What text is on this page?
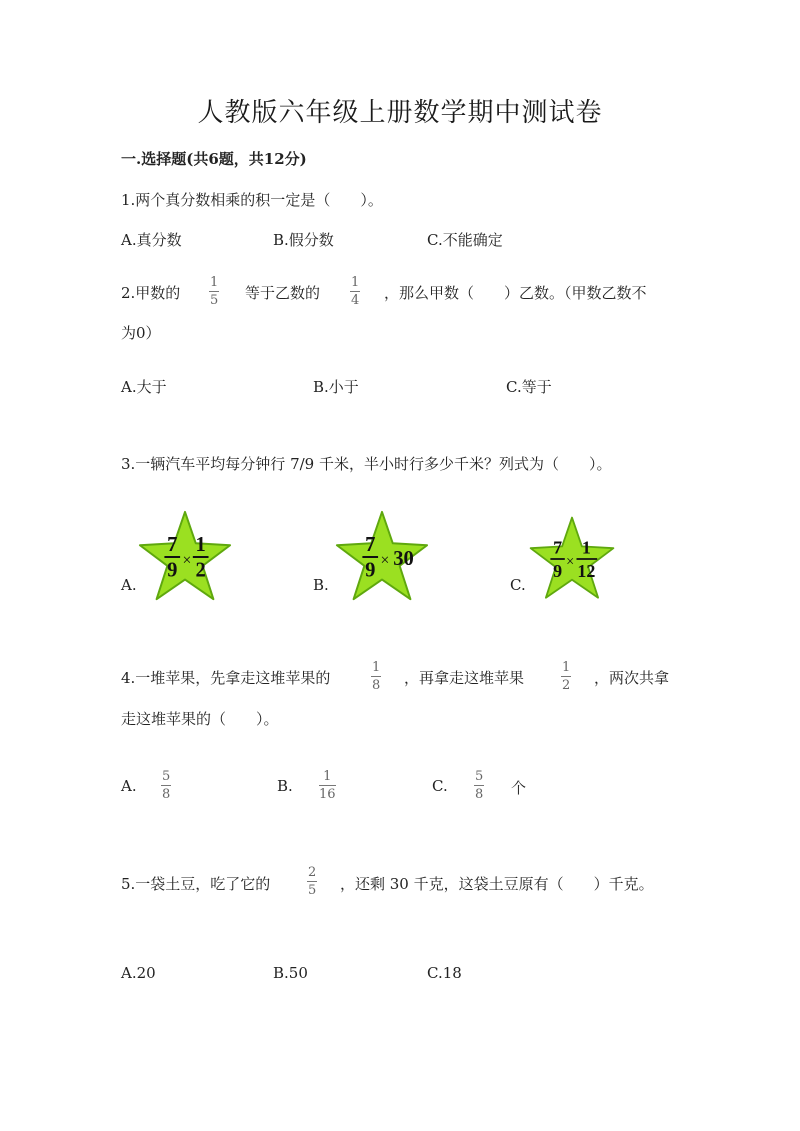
人教版六年级上册数学期中测试卷
一.选择题(共6题，共12分)
1.两个真分数相乘的积一定是（　　）。
A.真分数	B.假分数	C.不能确定
2.甲数的
1
5 等于乙数的
1
4 ，那么甲数（　　）乙数。（甲数乙数不
为0）
A.大于	B.小于	C.等于
3.一辆汽车平均每分钟行 7/9 千米，半小时行多少千米？列式为（　　）。
A.
7
9 ×
1
2
B.
7
9 × 30
C.
7
9 ×
1
12
4.一堆苹果，先拿走这堆苹果的
1
8 ，再拿走这堆苹果
1
2 ，两次共拿
走这堆苹果的（　　）。
A.
5
8	B.
1
16	C.
5
8 个
5.一袋土豆，吃了它的
2
5 ，还剩 30 千克，这袋土豆原有（　　）千克。
A.20	B.50	C.18
